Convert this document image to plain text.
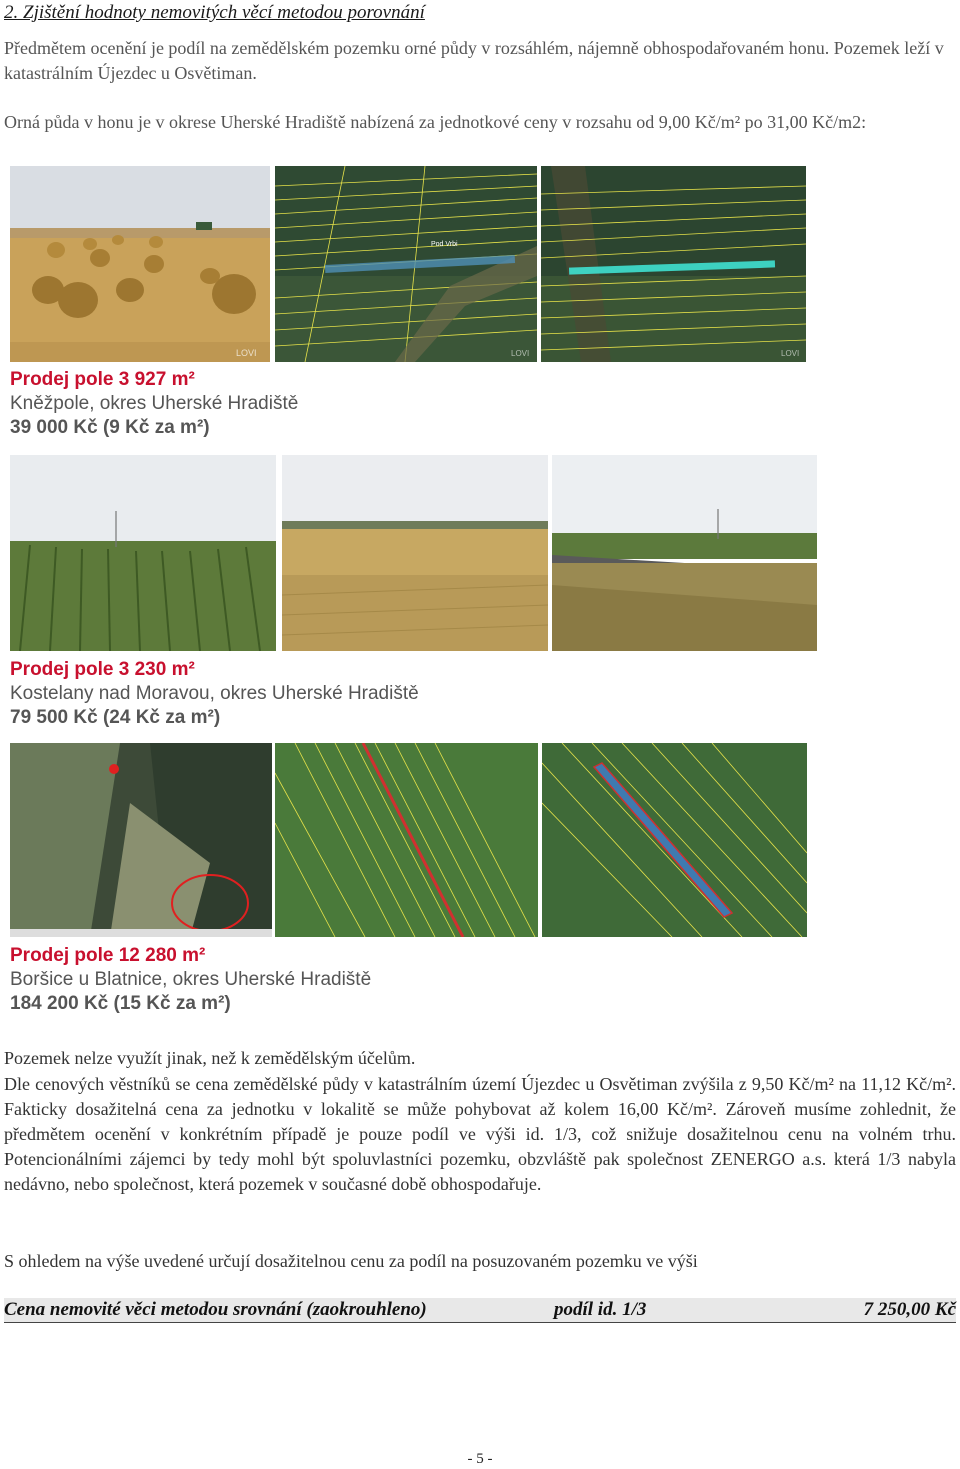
2. Zjištění hodnoty nemovitých věcí metodou porovnání
Předmětem ocenění je podíl na zemědělském pozemku orné půdy v rozsáhlém, nájemně obhospodařovaném honu. Pozemek leží v katastrálním Újezdec u Osvětiman.
Orná půda v honu je v okrese Uherské Hradiště nabízená za jednotkové ceny v rozsahu od 9,00 Kč/m² po 31,00 Kč/m2:
LOVI
Pod Vrbi
LOVI	LOVI
Prodej pole 3 927 m²
Kněžpole, okres Uherské Hradiště
39 000 Kč (9 Kč za m²)
Prodej pole 3 230 m²
Kostelany nad Moravou, okres Uherské Hradiště
79 500 Kč (24 Kč za m²)
Prodej pole 12 280 m²
Boršice u Blatnice, okres Uherské Hradiště
184 200 Kč (15 Kč za m²)
Pozemek nelze využít jinak, než k zemědělským účelům.
Dle cenových věstníků se cena zemědělské půdy v katastrálním území Újezdec u Osvětiman zvýšila z 9,50 Kč/m² na 11,12 Kč/m². Fakticky dosažitelná cena za jednotku v lokalitě se může pohybovat až kolem 16,00 Kč/m². Zároveň musíme zohlednit, že předmětem ocenění v konkrétním případě je pouze podíl ve výši id. 1/3, což snižuje dosažitelnou cenu na volném trhu. Potencionálními zájemci by tedy mohl být spoluvlastníci pozemku, obzvláště pak společnost ZENERGO a.s. která 1/3 nabyla nedávno, nebo společnost, která pozemek v současné době obhospodařuje.
S ohledem na výše uvedené určují dosažitelnou cenu za podíl na posuzovaném pozemku ve výši
Cena nemovité věci metodou srovnání (zaokrouhleno)	podíl id. 1/3	7 250,00 Kč
- 5 -
